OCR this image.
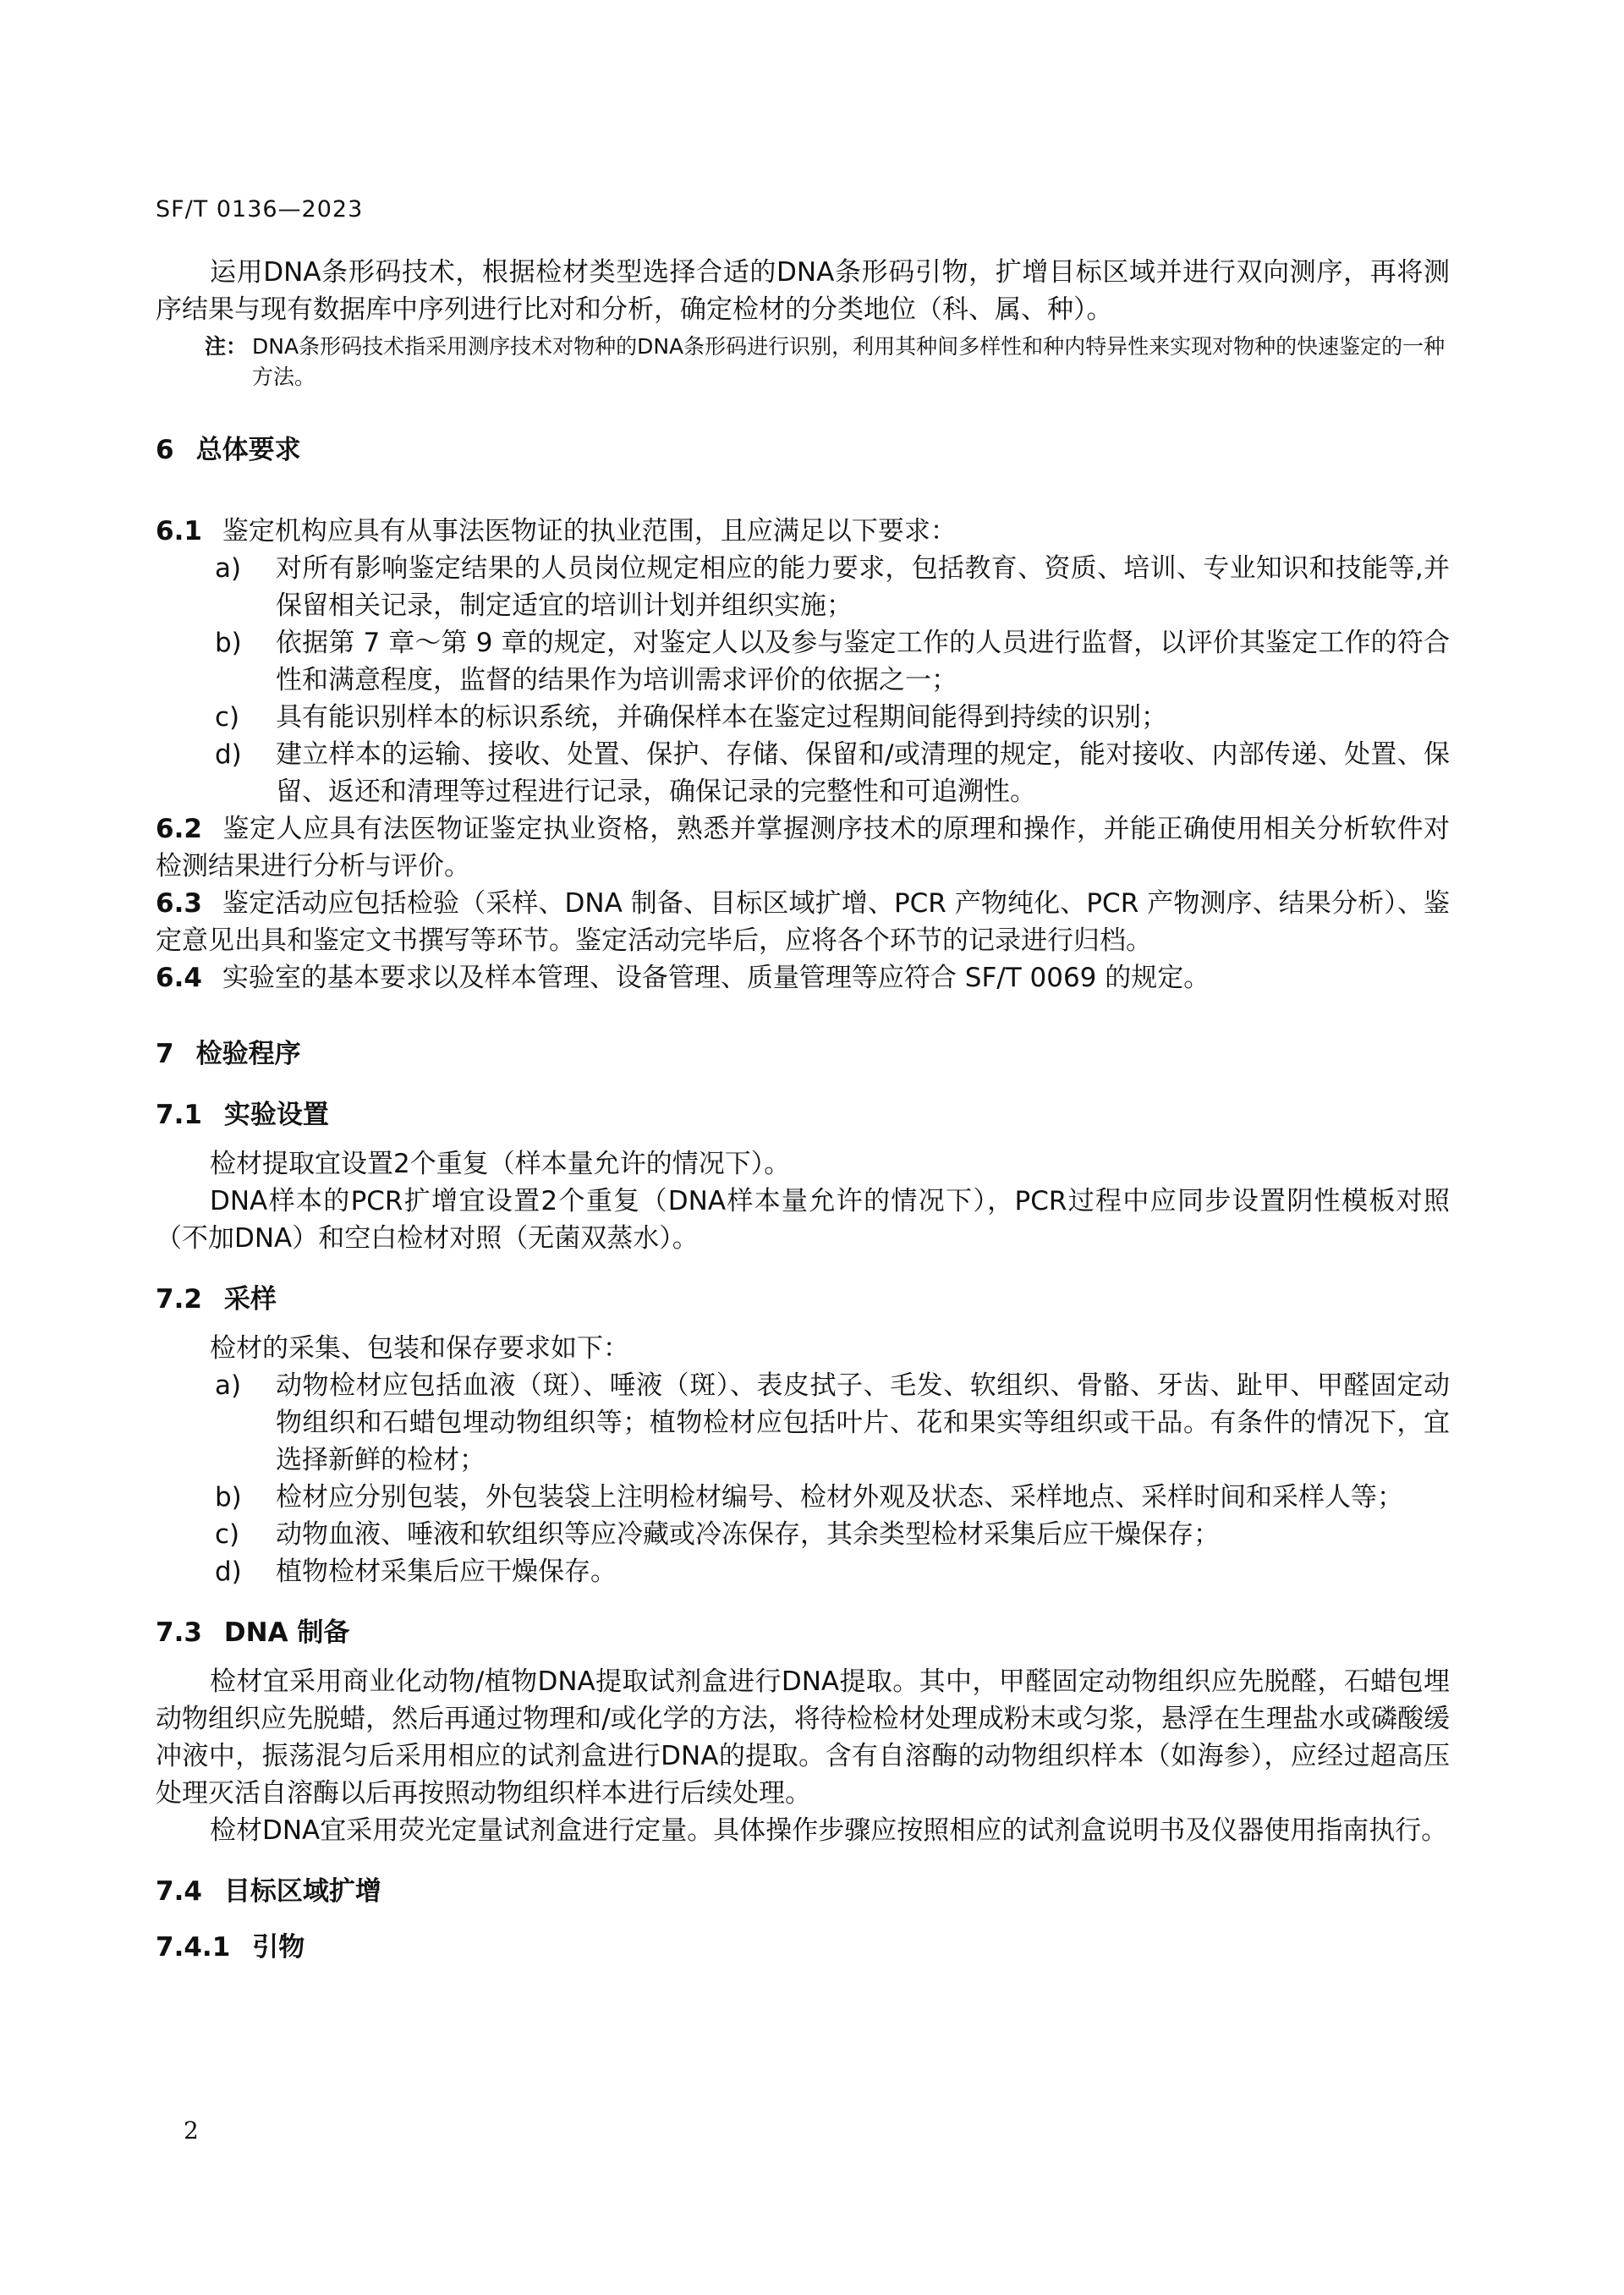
SF/T 0136—2023

运用DNA条形码技术，根据检材类型选择合适的DNA条形码引物，扩增目标区域并进行双向测序，再将测序结果与现有数据库中序列进行比对和分析，确定检材的分类地位（科、属、种）。

注： DNA条形码技术指采用测序技术对物种的DNA条形码进行识别，利用其种间多样性和种内特异性来实现对物种的快速鉴定的一种方法。
6 总体要求

6.1 鉴定机构应具有从事法医物证的执业范围，且应满足以下要求：

a)	对所有影响鉴定结果的人员岗位规定相应的能力要求，包括教育、资质、培训、专业知识和技能等,并保留相关记录，制定适宜的培训计划并组织实施；
b)	依据第 7 章～第 9 章的规定，对鉴定人以及参与鉴定工作的人员进行监督，以评价其鉴定工作的符合性和满意程度，监督的结果作为培训需求评价的依据之一；
c)	具有能识别样本的标识系统，并确保样本在鉴定过程期间能得到持续的识别；
d)	建立样本的运输、接收、处置、保护、存储、保留和/或清理的规定，能对接收、内部传递、处置、保留、返还和清理等过程进行记录，确保记录的完整性和可追溯性。

6.2 鉴定人应具有法医物证鉴定执业资格，熟悉并掌握测序技术的原理和操作，并能正确使用相关分析软件对检测结果进行分析与评价。

6.3 鉴定活动应包括检验（采样、DNA 制备、目标区域扩增、PCR 产物纯化、PCR 产物测序、结果分析）、鉴定意见出具和鉴定文书撰写等环节。鉴定活动完毕后，应将各个环节的记录进行归档。

6.4 实验室的基本要求以及样本管理、设备管理、质量管理等应符合 SF/T 0069 的规定。

7 检验程序
7.1 实验设置

检材提取宜设置2个重复（样本量允许的情况下）。

DNA样本的PCR扩增宜设置2个重复（DNA样本量允许的情况下），PCR过程中应同步设置阴性模板对照（不加DNA）和空白检材对照（无菌双蒸水）。

7.2 采样

检材的采集、包装和保存要求如下：

a)	动物检材应包括血液（斑）、唾液（斑）、表皮拭子、毛发、软组织、骨骼、牙齿、趾甲、甲醛固定动物组织和石蜡包埋动物组织等；植物检材应包括叶片、花和果实等组织或干品。有条件的情况下，宜选择新鲜的检材；
b)	检材应分别包装，外包装袋上注明检材编号、检材外观及状态、采样地点、采样时间和采样人等；
c)	动物血液、唾液和软组织等应冷藏或冷冻保存，其余类型检材采集后应干燥保存；
d)	植物检材采集后应干燥保存。
7.3 DNA 制备

检材宜采用商业化动物/植物DNA提取试剂盒进行DNA提取。其中，甲醛固定动物组织应先脱醛，石蜡包埋动物组织应先脱蜡，然后再通过物理和/或化学的方法，将待检检材处理成粉末或匀浆，悬浮在生理盐水或磷酸缓冲液中，振荡混匀后采用相应的试剂盒进行DNA的提取。含有自溶酶的动物组织样本（如海参），应经过超高压处理灭活自溶酶以后再按照动物组织样本进行后续处理。

检材DNA宜采用荧光定量试剂盒进行定量。具体操作步骤应按照相应的试剂盒说明书及仪器使用指南执行。

7.4 目标区域扩增
7.4.1 引物
2
